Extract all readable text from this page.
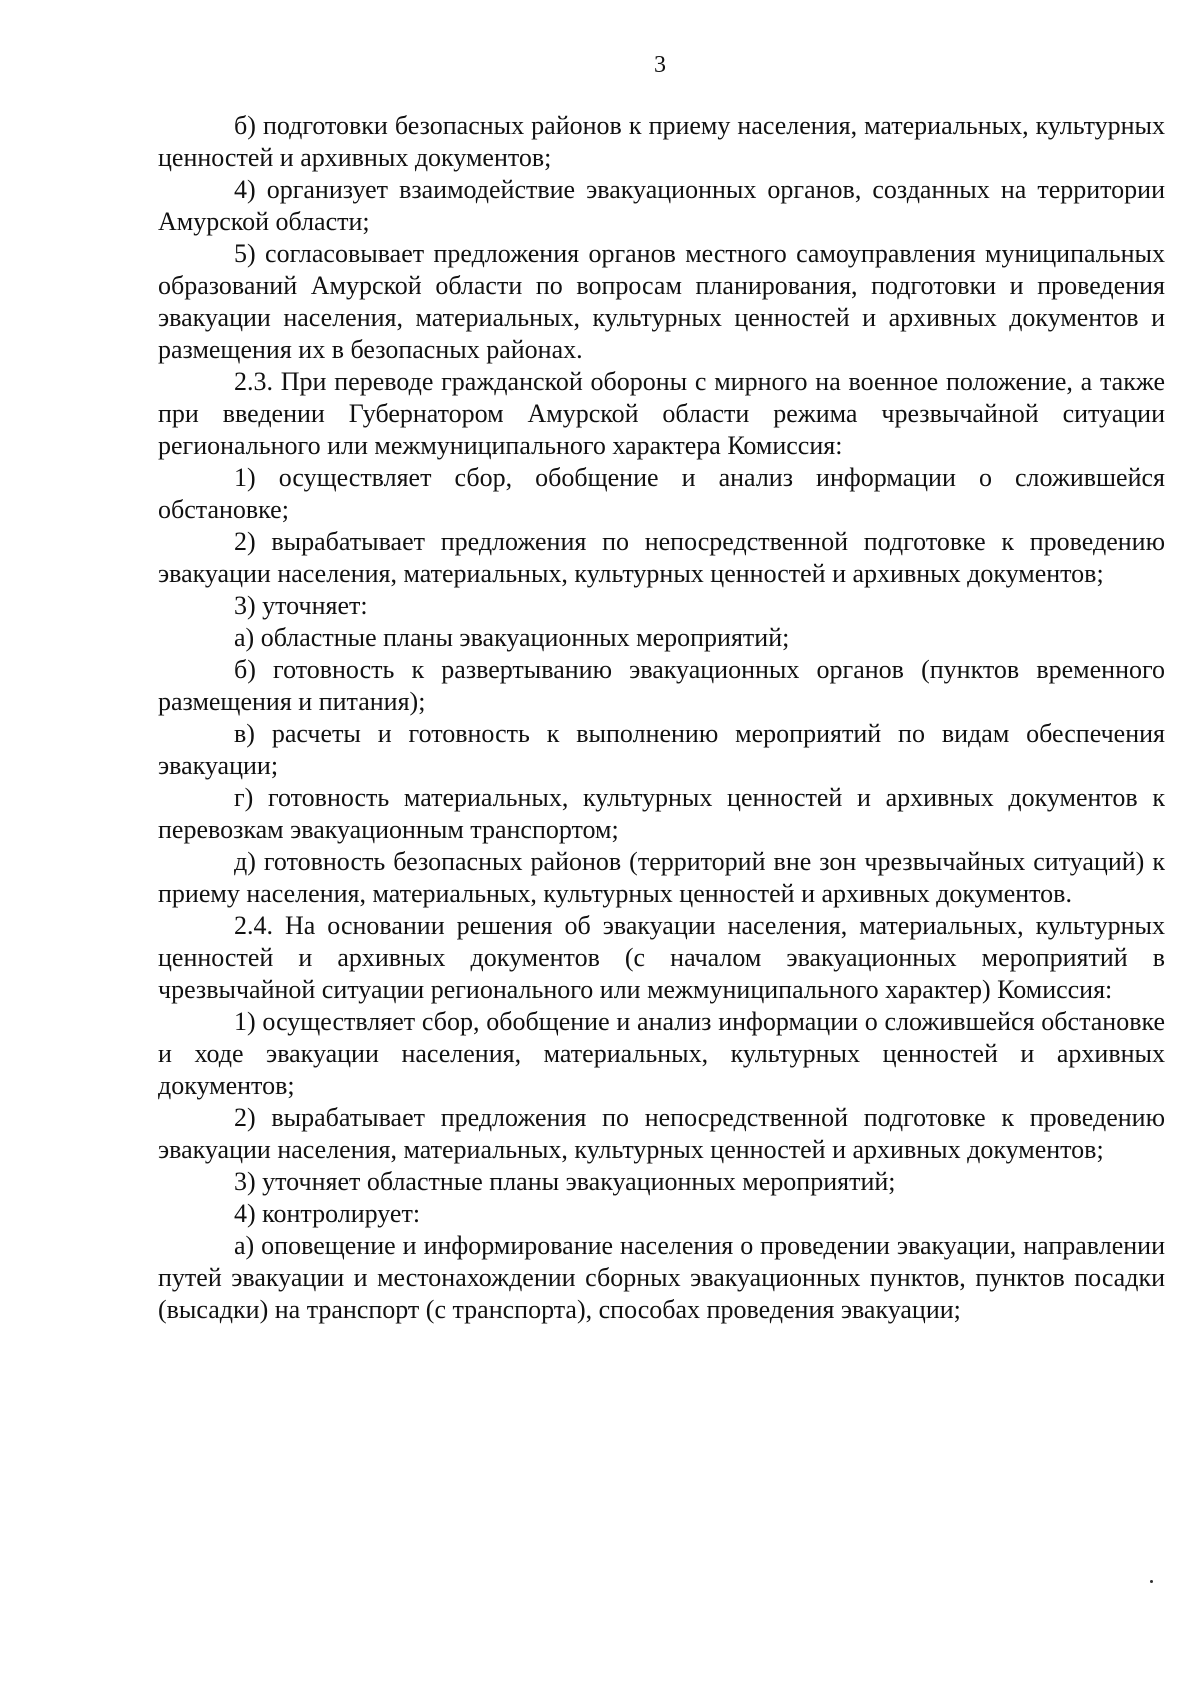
3

б) подготовки безопасных районов к приему населения, материальных, культурных ценностей и архивных документов;

4) организует взаимодействие эвакуационных органов, созданных на территории Амурской области;

5) согласовывает предложения органов местного самоуправления муниципальных образований Амурской области по вопросам планирования, подготовки и проведения эвакуации населения, материальных, культурных ценностей и архивных документов и размещения их в безопасных районах.

2.3. При переводе гражданской обороны с мирного на военное положение, а также при введении Губернатором Амурской области режима чрезвычайной ситуации регионального или межмуниципального характера Комиссия:

1) осуществляет сбор, обобщение и анализ информации о сложившейся обстановке;

2) вырабатывает предложения по непосредственной подготовке к проведению эвакуации населения, материальных, культурных ценностей и архивных документов;

3) уточняет:

а) областные планы эвакуационных мероприятий;

б) готовность к развертыванию эвакуационных органов (пунктов временного размещения и питания);

в) расчеты и готовность к выполнению мероприятий по видам обеспечения эвакуации;

г) готовность материальных, культурных ценностей и архивных документов к перевозкам эвакуационным транспортом;

д) готовность безопасных районов (территорий вне зон чрезвычайных ситуаций) к приему населения, материальных, культурных ценностей и архивных документов.

2.4. На основании решения об эвакуации населения, материальных, культурных ценностей и архивных документов (с началом эвакуационных мероприятий в чрезвычайной ситуации регионального или межмуниципального характер) Комиссия:

1) осуществляет сбор, обобщение и анализ информации о сложившейся обстановке и ходе эвакуации населения, материальных, культурных ценностей и архивных документов;

2) вырабатывает предложения по непосредственной подготовке к проведению эвакуации населения, материальных, культурных ценностей и архивных документов;

3) уточняет областные планы эвакуационных мероприятий;

4) контролирует:

а) оповещение и информирование населения о проведении эвакуации, направлении путей эвакуации и местонахождении сборных эвакуационных пунктов, пунктов посадки (высадки) на транспорт (с транспорта), способах проведения эвакуации;
